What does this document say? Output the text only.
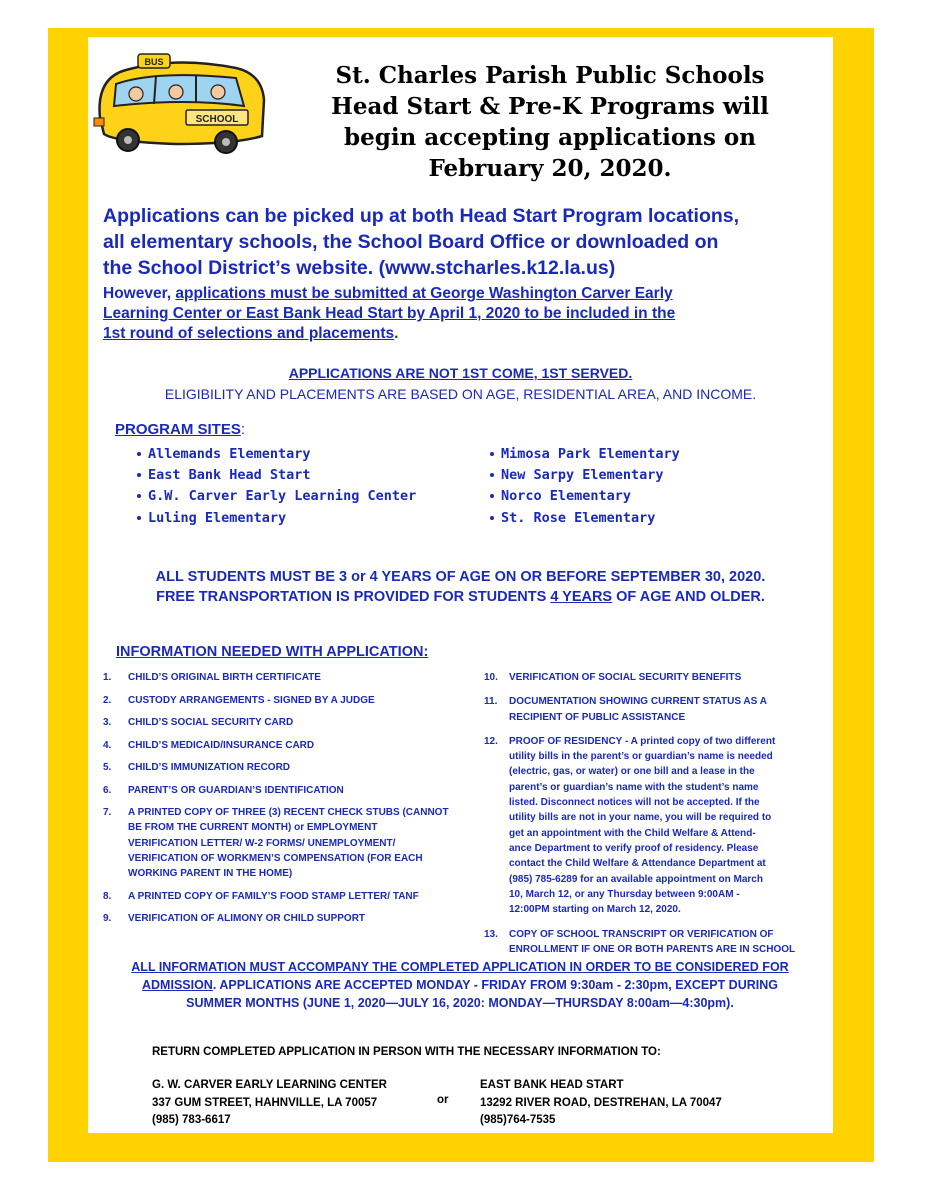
SCHOOL
BUS	St. Charles Parish Public Schools
Head Start & Pre-K Programs will
begin accepting applications on
February 20, 2020.
Applications can be picked up at both Head Start Program locations,
all elementary schools, the School Board Office or downloaded on
the School District’s website. (www.stcharles.k12.la.us)
However, applications must be submitted at George Washington Carver Early
Learning Center or East Bank Head Start by April 1, 2020 to be included in the
1st round of selections and placements.
APPLICATIONS ARE NOT 1ST COME, 1ST SERVED.
ELIGIBILITY AND PLACEMENTS ARE BASED ON AGE, RESIDENTIAL AREA, AND INCOME.
PROGRAM SITES:
Allemands Elementary
East Bank Head Start
G.W. Carver Early Learning Center
Luling Elementary
Mimosa Park Elementary
New Sarpy Elementary
Norco Elementary
St. Rose Elementary
ALL STUDENTS MUST BE 3 or 4 YEARS OF AGE ON OR BEFORE SEPTEMBER 30, 2020.
FREE TRANSPORTATION IS PROVIDED FOR STUDENTS 4 YEARS OF AGE AND OLDER.
INFORMATION NEEDED WITH APPLICATION:
1. CHILD’S ORIGINAL BIRTH CERTIFICATE
2. CUSTODY ARRANGEMENTS - SIGNED BY A JUDGE
3. CHILD’S SOCIAL SECURITY CARD
4. CHILD’S MEDICAID/INSURANCE CARD
5. CHILD’S IMMUNIZATION RECORD
6. PARENT’S OR GUARDIAN’S IDENTIFICATION
7. A PRINTED COPY OF THREE (3) RECENT CHECK STUBS (CANNOT
BE FROM THE CURRENT MONTH) or EMPLOYMENT
VERIFICATION LETTER/ W-2 FORMS/ UNEMPLOYMENT/
VERIFICATION OF WORKMEN’S COMPENSATION (FOR EACH
WORKING PARENT IN THE HOME)
8. A PRINTED COPY OF FAMILY’S FOOD STAMP LETTER/ TANF
9. VERIFICATION OF ALIMONY OR CHILD SUPPORT
10. VERIFICATION OF SOCIAL SECURITY BENEFITS
11. DOCUMENTATION SHOWING CURRENT STATUS AS A
RECIPIENT OF PUBLIC ASSISTANCE
12. PROOF OF RESIDENCY - A printed copy of two different
utility bills in the parent’s or guardian’s name is needed
(electric, gas, or water) or one bill and a lease in the
parent’s or guardian’s name with the student’s name
listed. Disconnect notices will not be accepted. If the
utility bills are not in your name, you will be required to
get an appointment with the Child Welfare & Attend-
ance Department to verify proof of residency. Please
contact the Child Welfare & Attendance Department at
(985) 785-6289 for an available appointment on March
10, March 12, or any Thursday between 9:00AM -
12:00PM starting on March 12, 2020.
13. COPY OF SCHOOL TRANSCRIPT OR VERIFICATION OF
ENROLLMENT IF ONE OR BOTH PARENTS ARE IN SCHOOL
ALL INFORMATION MUST ACCOMPANY THE COMPLETED APPLICATION IN ORDER TO BE CONSIDERED FOR
ADMISSION. APPLICATIONS ARE ACCEPTED MONDAY - FRIDAY FROM 9:30am - 2:30pm, EXCEPT DURING
SUMMER MONTHS (JUNE 1, 2020—JULY 16, 2020: MONDAY—THURSDAY 8:00am—4:30pm).
RETURN COMPLETED APPLICATION IN PERSON WITH THE NECESSARY INFORMATION TO:
G. W. CARVER EARLY LEARNING CENTER
337 GUM STREET, HAHNVILLE, LA 70057
(985) 783-6617
or
EAST BANK HEAD START
13292 RIVER ROAD, DESTREHAN, LA 70047
(985)764-7535
